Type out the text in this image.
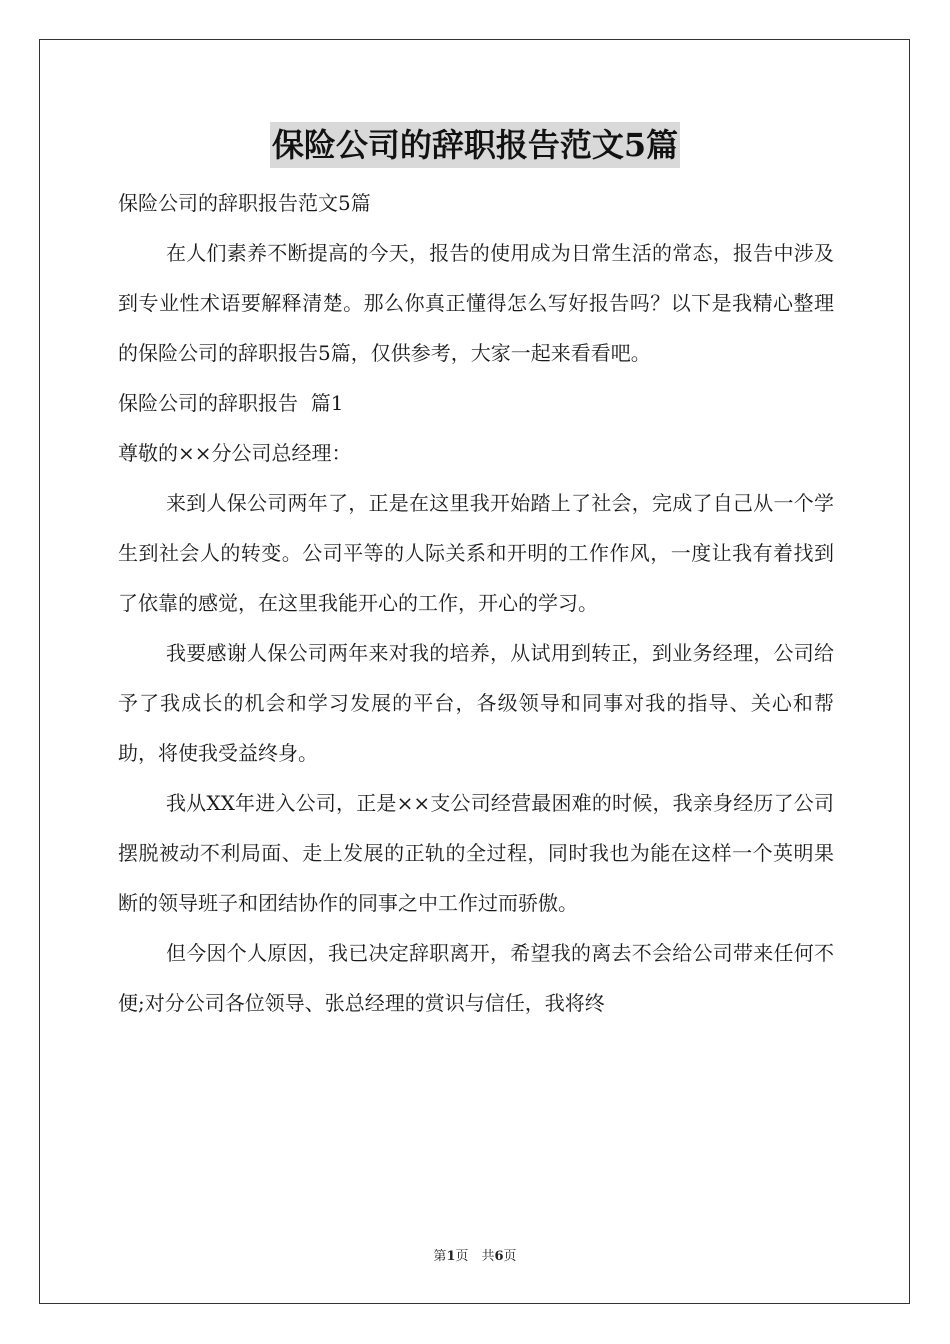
保险公司的辞职报告范文5篇

保险公司的辞职报告范文5篇

在人们素养不断提高的今天，报告的使用成为日常生活的常态，报告中涉及到专业性术语要解释清楚。那么你真正懂得怎么写好报告吗？以下是我精心整理的保险公司的辞职报告5篇，仅供参考，大家一起来看看吧。

保险公司的辞职报告  篇1

尊敬的××分公司总经理：

来到人保公司两年了，正是在这里我开始踏上了社会，完成了自己从一个学生到社会人的转变。公司平等的人际关系和开明的工作作风，一度让我有着找到了依靠的感觉，在这里我能开心的工作，开心的学习。

我要感谢人保公司两年来对我的培养，从试用到转正，到业务经理，公司给予了我成长的机会和学习发展的平台，各级领导和同事对我的指导、关心和帮助，将使我受益终身。

我从XX年进入公司，正是××支公司经营最困难的时候，我亲身经历了公司摆脱被动不利局面、走上发展的正轨的全过程，同时我也为能在这样一个英明果断的领导班子和团结协作的同事之中工作过而骄傲。

但今因个人原因，我已决定辞职离开，希望我的离去不会给公司带来任何不便;对分公司各位领导、张总经理的赏识与信任，我将终

第1页　共6页
